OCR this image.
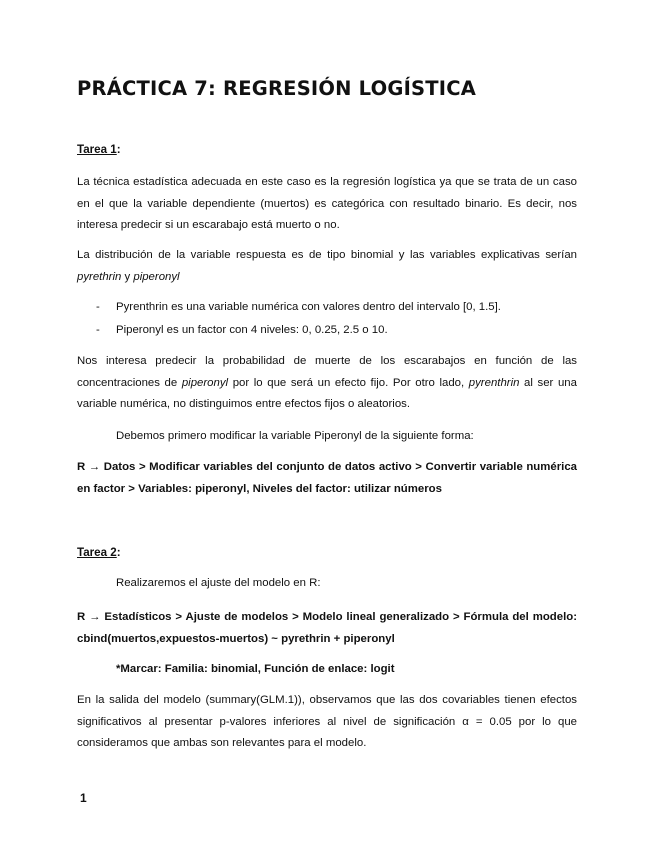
PRÁCTICA 7: REGRESIÓN LOGÍSTICA
Tarea 1:
La técnica estadística adecuada en este caso es la regresión logística ya que se trata de un caso en el que la variable dependiente (muertos) es categórica con resultado binario. Es decir, nos interesa predecir si un escarabajo está muerto o no.
La distribución de la variable respuesta es de tipo binomial y las variables explicativas serían pyrethrin y piperonyl
- Pyrenthrin es una variable numérica con valores dentro del intervalo [0, 1.5].
- Piperonyl es un factor con 4 niveles: 0, 0.25, 2.5 o 10.
Nos interesa predecir la probabilidad de muerte de los escarabajos en función de las concentraciones de piperonyl por lo que será un efecto fijo. Por otro lado, pyrenthrin al ser una variable numérica, no distinguimos entre efectos fijos o aleatorios.
Debemos primero modificar la variable Piperonyl de la siguiente forma:
R → Datos > Modificar variables del conjunto de datos activo > Convertir variable numérica en factor > Variables: piperonyl, Niveles del factor: utilizar números
Tarea 2:
Realizaremos el ajuste del modelo en R:
R → Estadísticos > Ajuste de modelos > Modelo lineal generalizado > Fórmula del modelo: cbind(muertos,expuestos-muertos) ~ pyrethrin + piperonyl
*Marcar: Familia: binomial, Función de enlace: logit
En la salida del modelo (summary(GLM.1)), observamos que las dos covariables tienen efectos significativos al presentar p-valores inferiores al nivel de significación α = 0.05 por lo que consideramos que ambas son relevantes para el modelo.
1
